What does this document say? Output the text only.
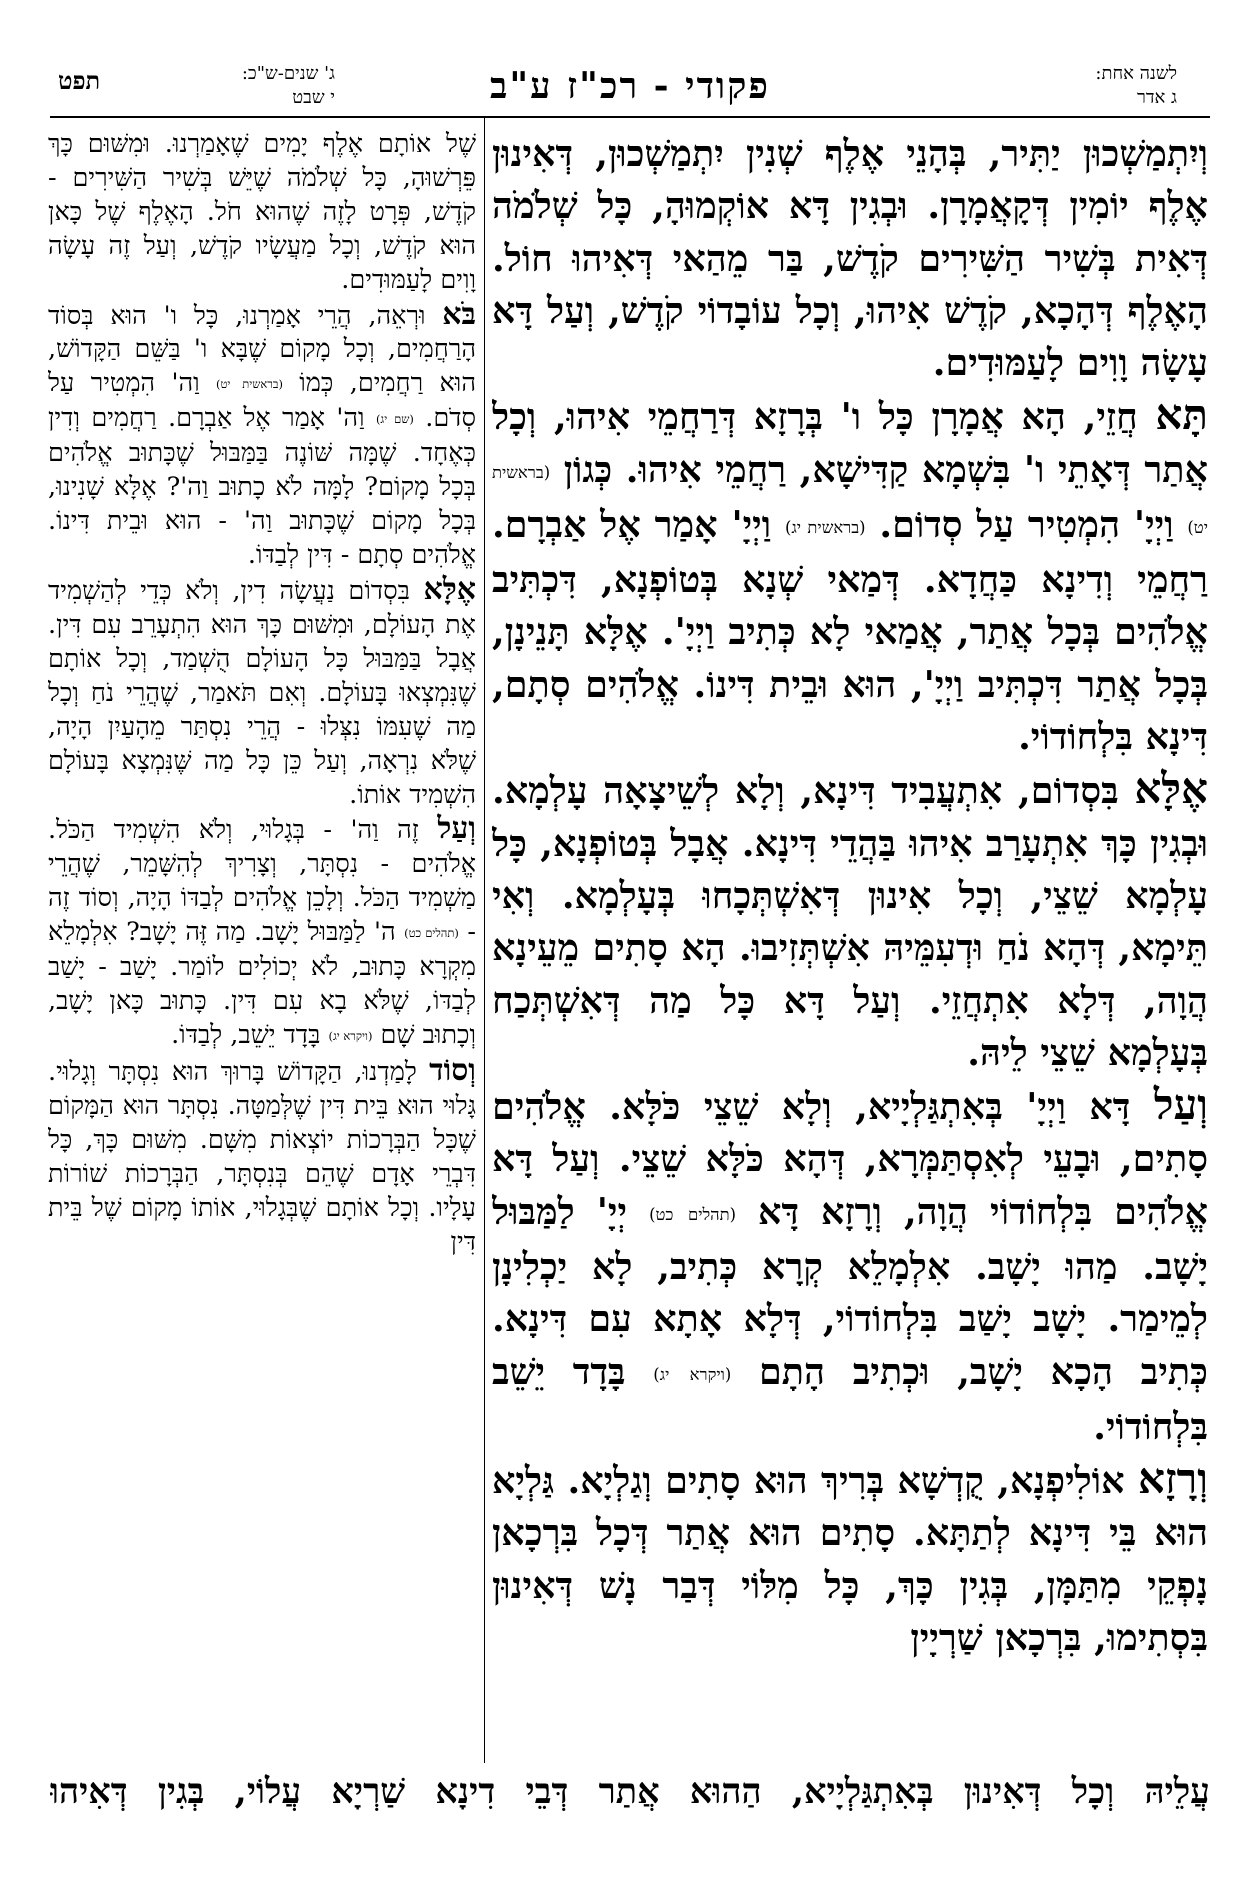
לשנה אחת:
ג אדר
פקודי - רכ"ז ע"ב
ג' שנים-ש"כ:
י שבט
תפט

וְיִתְמַשְׁכוּן יַתִּיר, בְּהָנֵי אֶלֶף שְׁנִין יִתְמַשְׁכוּן, דְּאִינוּן אֶלֶף יוֹמִין דְּקָאֲמָרָן. וּבְגִין דָּא אוֹקְמוּהָ, כָּל שְׁלֹמֹה דְּאִית בְּשִׁיר הַשִּׁירִים קֹדֶשׁ, בַּר מֵהַאי דְּאִיהוּ חוֹל. הָאֶלֶף דְּהָכָא, קֹדֶשׁ אִיהוּ, וְכָל עוֹבָדוֹי קֹדֶשׁ, וְעַל דָּא עָשָׂה וָוִים לָעַמּוּדִים.

תָּא חֲזֵי, הָא אֲמָרָן כָּל ו' בְּרָזָא דְּרַחֲמֵי אִיהוּ, וְכָל אֲתַר דְּאָתֵי ו' בִּשְׁמָא קַדִּישָׁא, רַחֲמֵי אִיהוּ. כְּגוֹן (בראשית יט) וַיְיָ' הִמְטִיר עַל סְדוֹם. (בראשית יג) וַיְיָ' אָמַר אֶל אַבְרָם. רַחֲמֵי וְדִינָא כַּחֲדָא. דְּמַאי שְׁנָא בְּטוֹפְנָא, דִּכְתִּיב אֱלֹהִים בְּכָל אֲתַר, אֲמַאי לָא כְּתִיב וַיְיָ'. אֶלָּא תָּנֵינָן, בְּכָל אֲתַר דִּכְתִּיב וַיְיָ', הוּא וּבֵית דִּינוֹ. אֱלֹהִים סְתָם, דִּינָא בִּלְחוֹדוֹי.

אֶלָּא בִּסְדוֹם, אִתְעֲבִיד דִּינָא, וְלָא לְשֵׁיצָאָה עָלְמָא. וּבְגִין כָּךְ אִתְעָרַב אִיהוּ בַּהֲדֵי דִּינָא. אֲבָל בְּטוֹפְנָא, כָּל עָלְמָא שֵׁצֵי, וְכָל אִינוּן דְּאִשְׁתְּכָחוּ בְּעָלְמָא. וְאִי תֵּימָא, דְּהָא נֹחַ וּדְעִמֵּיהּ אִשְׁתְּזִיבוּ. הָא סָתִים מֵעֵינָא הֲוָה, דְּלָא אִתְחֲזֵי. וְעַל דָּא כָּל מַה דְּאִשְׁתְּכַח בְּעָלְמָא שֵׁצֵי לֵיהּ.

וְעַל דָּא וַיְיָ' בְּאִתְגַּלְיָיא, וְלָא שֵׁצֵי כֹּלָּא. אֱלֹהִים סָתִים, וּבָעֵי לְאִסְתַּמְּרָא, דְּהָא כֹּלָּא שֵׁצֵי. וְעַל דָּא אֱלֹהִים בִּלְחוֹדוֹי הֲוָה, וְרָזָא דָּא (תהלים כט) יְיָ' לַמַּבּוּל יָשָׁב. מַהוּ יָשָׁב. אִלְמָלֵא קְרָא כְּתִיב, לָא יַכְלִינָן לְמֵימַר. יָשָׁב יָשַׁב בִּלְחוֹדוֹי, דְּלָא אָתָא עִם דִּינָא. כְּתִיב הָכָא יָשָׁב, וּכְתִיב הָתָם (ויקרא יג) בָּדָד יֵשֵׁב בִּלְחוֹדוֹי.

וְרָזָא אוֹלִיפְנָא, קֻדְשָׁא בְּרִיךְ הוּא סָתִים וְגַלְיָא. גַּלְיָא הוּא בֵּי דִּינָא לְתַתָּא. סָתִים הוּא אֲתַר דְּכָל בִּרְכָאן נָפְקֵי מִתַּמָּן, בְּגִין כָּךְ, כָּל מִלּוֹי דְּבַר נָשׁ דְּאִינוּן בִּסְתִימוּ, בִּרְכָאן שַׁרְיָין

שֶׁל אוֹתָם אֶלֶף יָמִים שֶׁאָמַרְנוּ. וּמִשּׁוּם כָּךְ פֵּרְשׁוּהָ, כָּל שְׁלֹמֹה שֶׁיֵּשׁ בְּשִׁיר הַשִּׁירִים - קֹדֶשׁ, פְּרָט לָזֶה שֶׁהוּא חֹל. הָאֶלֶף שֶׁל כָּאן הוּא קֹדֶשׁ, וְכָל מַעֲשָׂיו קֹדֶשׁ, וְעַל זֶה עָשָׂה וָוִים לָעַמּוּדִים.

בֹּא וּרְאֵה, הֲרֵי אָמַרְנוּ, כָּל ו' הוּא בְּסוֹד הָרַחֲמִים, וְכָל מָקוֹם שֶׁבָּא ו' בַּשֵּׁם הַקָּדוֹשׁ, הוּא רַחֲמִים, כְּמוֹ (בראשית יט) וַה' הִמְטִיר עַל סְדֹם. (שם יג) וַה' אָמַר אֶל אַבְרָם. רַחֲמִים וְדִין כְּאֶחָד. שֶׁמָּה שּׁוֹנֶה בַּמַּבּוּל שֶׁכָּתוּב אֱלֹהִים בְּכָל מָקוֹם? לָמָּה לֹא כָתוּב וַה'? אֶלָּא שָׁנִינוּ, בְּכָל מָקוֹם שֶׁכָּתוּב וַה' - הוּא וּבֵית דִּינוֹ. אֱלֹהִים סְתָם - דִּין לְבַדּוֹ.

אֶלָּא בִּסְדוֹם נַעֲשָׂה דִין, וְלֹא כְּדֵי לְהַשְׁמִיד אֶת הָעוֹלָם, וּמִשּׁוּם כָּךְ הוּא הִתְעָרֵב עִם דִּין. אֲבָל בַּמַּבּוּל כָּל הָעוֹלָם הֻשְׁמַד, וְכָל אוֹתָם שֶׁנִּמְצְאוּ בָּעוֹלָם. וְאִם תֹּאמַר, שֶׁהֲרֵי נֹחַ וְכָל מַה שֶׁעִמּוֹ נִצְּלוּ - הֲרֵי נִסְתַּר מֵהָעַיִן הָיָה, שֶׁלֹּא נִרְאָה, וְעַל כֵּן כָּל מַה שֶּׁנִּמְצָא בָּעוֹלָם הִשְׁמִיד אוֹתוֹ.

וְעַל זֶה וַה' - בְּגָלוּי, וְלֹא הִשְׁמִיד הַכֹּל. אֱלֹהִים - נִסְתָּר, וְצָרִיךְ לְהִשָּׁמֵר, שֶׁהֲרֵי מַשְׁמִיד הַכֹּל. וְלָכֵן אֱלֹהִים לְבַדּוֹ הָיָה, וְסוֹד זֶה - (תהלים כט) ה' לַמַּבּוּל יָשָׁב. מַה זֶּה יָשָׁב? אִלְמָלֵא מִקְרָא כָּתוּב, לֹא יְכוֹלִים לוֹמַר. יָשַׁב - יָשַׁב לְבַדּוֹ, שֶׁלֹּא בָא עִם דִּין. כָּתוּב כָּאן יָשָׁב, וְכָתוּב שָׁם (ויקרא יג) בָּדָד יֵשֵׁב, לְבַדּוֹ.

וְסוֹד לָמַדְנוּ, הַקָּדוֹשׁ בָּרוּךְ הוּא נִסְתָּר וְגָלוּי. גָּלוּי הוּא בֵּית דִּין שֶׁלְּמַטָּה. נִסְתָּר הוּא הַמָּקוֹם שֶׁכָּל הַבְּרָכוֹת יוֹצְאוֹת מִשָּׁם. מִשּׁוּם כָּךְ, כָּל דִּבְרֵי אָדָם שֶׁהֵם בְּנִסְתָּר, הַבְּרָכוֹת שׁוֹרוֹת עָלָיו. וְכָל אוֹתָם שֶׁבְּגָלוּי, אוֹתוֹ מָקוֹם שֶׁל בֵּית דִּין

עֲלֵיהּ וְכָל דְּאִינוּן בְּאִתְגַּלְיָיא, הַהוּא אֲתַר דְּבֵי דִינָא שַׁרְיָא עֲלוֹי, בְּגִין דְּאִיהוּ
